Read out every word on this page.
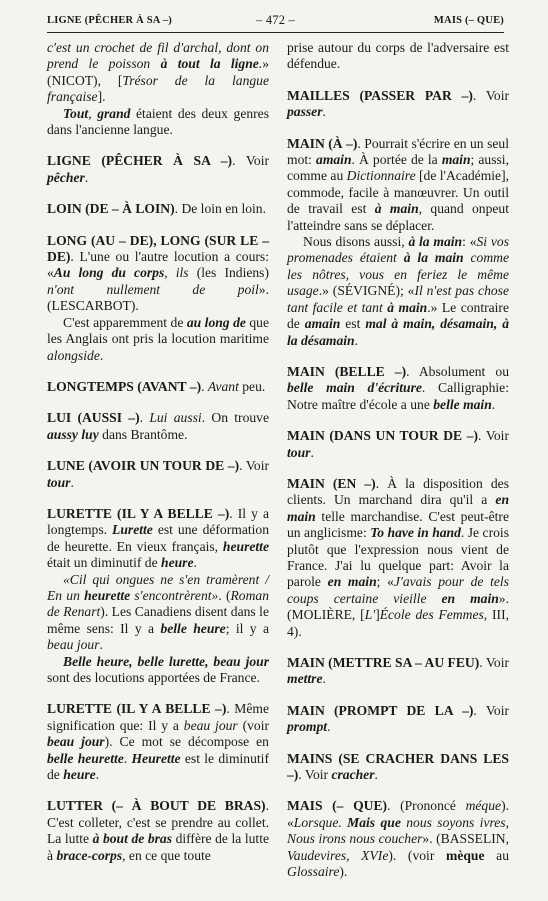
LIGNE (PÊCHER À SA –)	– 472 –	MAIS (– QUE)

c'est un crochet de fil d'archal, dont on prend le poisson à tout la ligne.» (NICOT), [Trésor de la langue française].

Tout, grand étaient des deux genres dans l'ancienne langue.

LIGNE (PÊCHER À SA –). Voir pêcher.

LOIN (DE – À LOIN). De loin en loin.

LONG (AU – DE), LONG (SUR LE – DE). L'une ou l'autre locution a cours: «Au long du corps, ils (les Indiens) n'ont nullement de poil». (LESCARBOT).

C'est apparemment de au long de que les Anglais ont pris la locution maritime alongside.

LONGTEMPS (AVANT –). Avant peu.

LUI (AUSSI –). Lui aussi. On trouve aussy luy dans Brantôme.

LUNE (AVOIR UN TOUR DE –). Voir tour.

LURETTE (IL Y A BELLE –). Il y a longtemps. Lurette est une déformation de heurette. En vieux français, heurette était un diminutif de heure.

«Cil qui ongues ne s'en tramèrent / En un heurette s'encontrèrent». (Roman de Renart). Les Canadiens disent dans le même sens: Il y a belle heure; il y a beau jour.

Belle heure, belle lurette, beau jour sont des locutions apportées de France.

LURETTE (IL Y A BELLE –). Même signification que: Il y a beau jour (voir beau jour). Ce mot se décompose en belle heurette. Heurette est le diminutif de heure.

LUTTER (– À BOUT DE BRAS). C'est colleter, c'est se prendre au collet. La lutte à bout de bras diffère de la lutte à brace-corps, en ce que toute

prise autour du corps de l'adversaire est défendue.

MAILLES (PASSER PAR –). Voir passer.

MAIN (À –). Pourrait s'écrire en un seul mot: amain. À portée de la main; aussi, comme au Dictionnaire [de l'Académie], commode, facile à manœuvrer. Un outil de travail est à main, quand onpeut l'atteindre sans se déplacer.

Nous disons aussi, à la main: «Si vos promenades étaient à la main comme les nôtres, vous en feriez le même usage.» (SÉVIGNÉ); «Il n'est pas chose tant facile et tant à main.» Le contraire de amain est mal à main, désamain, à la désamain.

MAIN (BELLE –). Absolument ou belle main d'écriture. Calligraphie: Notre maître d'école a une belle main.

MAIN (DANS UN TOUR DE –). Voir tour.

MAIN (EN –). À la disposition des clients. Un marchand dira qu'il a en main telle marchandise. C'est peut-être un anglicisme: To have in hand. Je crois plutôt que l'expression nous vient de France. J'ai lu quelque part: Avoir la parole en main; «J'avais pour de tels coups certaine vieille en main». (MOLIÈRE, [L']École des Femmes, III, 4).

MAIN (METTRE SA – AU FEU). Voir mettre.

MAIN (PROMPT DE LA –). Voir prompt.

MAINS (SE CRACHER DANS LES –). Voir cracher.

MAIS (– QUE). (Prononcé méque). «Lorsque. Mais que nous soyons ivres, Nous irons nous coucher». (BASSELIN, Vaudevires, XVIe). (voir mèque au Glossaire).
